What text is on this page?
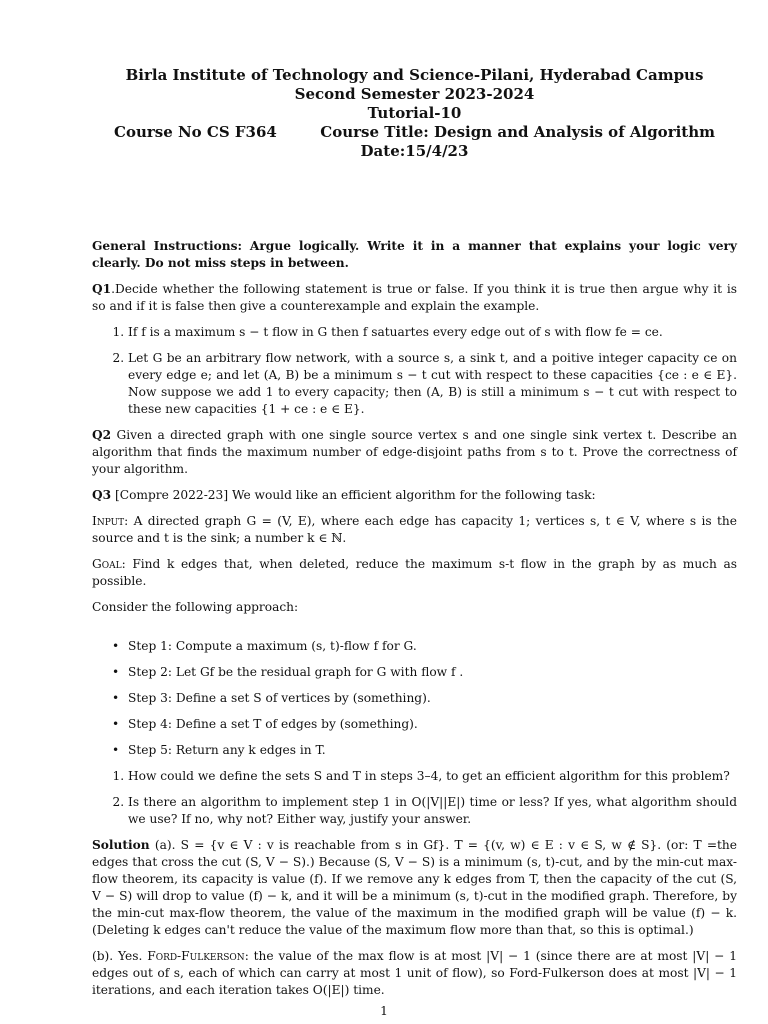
Birla Institute of Technology and Science-Pilani, Hyderabad Campus
Second Semester 2023-2024
Tutorial-10
Course No CS F364	Course Title: Design and Analysis of Algorithm
Date:15/4/23

General Instructions: Argue logically. Write it in a manner that explains your logic very clearly. Do not miss steps in between.

Q1.Decide whether the following statement is true or false. If you think it is true then argue why it is so and if it is false then give a counterexample and explain the example.

1. If f is a maximum s − t flow in G then f satuartes every edge out of s with flow fe = ce.
2. Let G be an arbitrary flow network, with a source s, a sink t, and a poitive integer capacity ce on every edge e; and let (A, B) be a minimum s − t cut with respect to these capacities {ce : e ∈ E}. Now suppose we add 1 to every capacity; then (A, B) is still a minimum s − t cut with respect to these new capacities {1 + ce : e ∈ E}.

Q2 Given a directed graph with one single source vertex s and one single sink vertex t. Describe an algorithm that finds the maximum number of edge-disjoint paths from s to t. Prove the correctness of your algorithm.

Q3 [Compre 2022-23] We would like an efficient algorithm for the following task:

Input: A directed graph G = (V, E), where each edge has capacity 1; vertices s, t ∈ V, where s is the source and t is the sink; a number k ∈ ℕ.

Goal: Find k edges that, when deleted, reduce the maximum s-t flow in the graph by as much as possible.

Consider the following approach:

• Step 1: Compute a maximum (s, t)-flow f for G.
• Step 2: Let Gf be the residual graph for G with flow f .
• Step 3: Define a set S of vertices by (something).
• Step 4: Define a set T of edges by (something).
• Step 5: Return any k edges in T.
1. How could we define the sets S and T in steps 3–4, to get an efficient algorithm for this problem?
2. Is there an algorithm to implement step 1 in O(|V||E|) time or less? If yes, what algorithm should we use? If no, why not? Either way, justify your answer.

Solution (a). S = {v ∈ V : v is reachable from s in Gf}. T = {(v, w) ∈ E : v ∈ S, w ∉ S}. (or: T =the edges that cross the cut (S, V − S).) Because (S, V − S) is a minimum (s, t)-cut, and by the min-cut max-flow theorem, its capacity is value (f). If we remove any k edges from T, then the capacity of the cut (S, V − S) will drop to value (f) − k, and it will be a minimum (s, t)-cut in the modified graph. Therefore, by the min-cut max-flow theorem, the value of the maximum in the modified graph will be value (f) − k. (Deleting k edges can't reduce the value of the maximum flow more than that, so this is optimal.)

(b). Yes. Ford-Fulkerson: the value of the max flow is at most |V| − 1 (since there are at most |V| − 1 edges out of s, each of which can carry at most 1 unit of flow), so Ford-Fulkerson does at most |V| − 1 iterations, and each iteration takes O(|E|) time.

1
